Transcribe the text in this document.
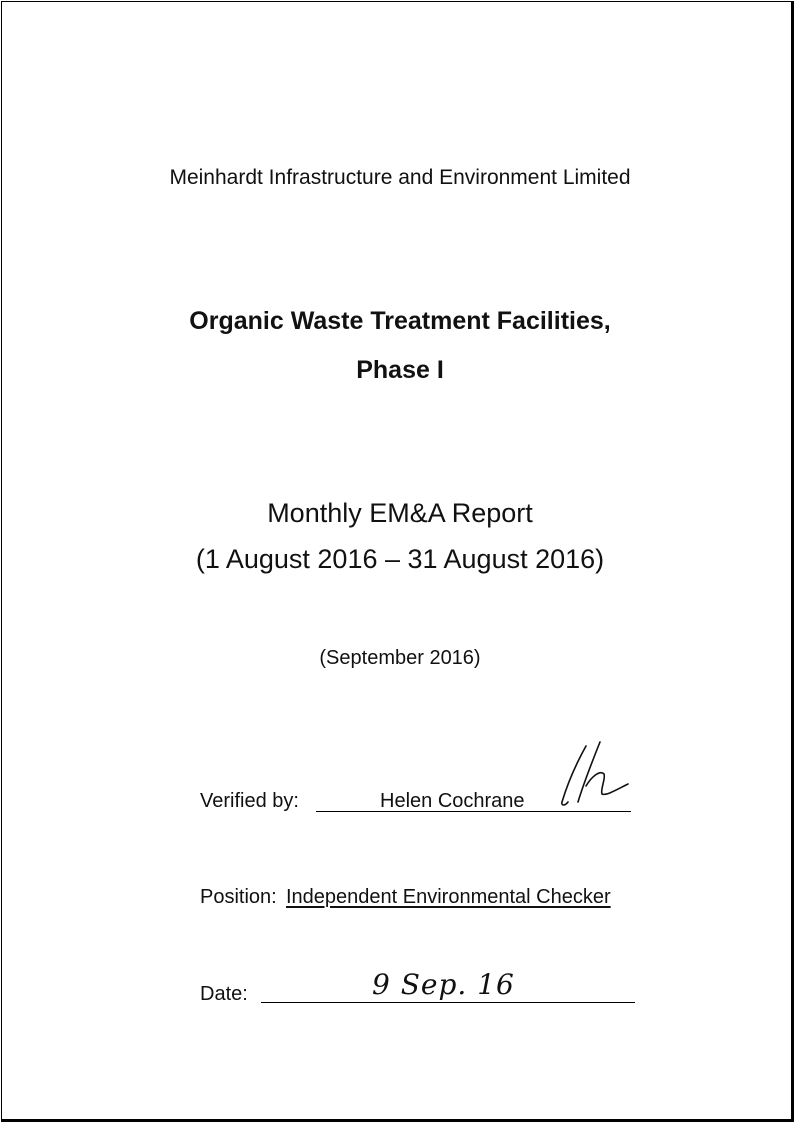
Meinhardt Infrastructure and Environment Limited
Organic Waste Treatment Facilities,
Phase I
Monthly EM&A Report
(1 August 2016 – 31 August 2016)
(September 2016)
Verified by:	Helen Cochrane
Position: Independent Environmental Checker
Date:	9 Sep. 16
